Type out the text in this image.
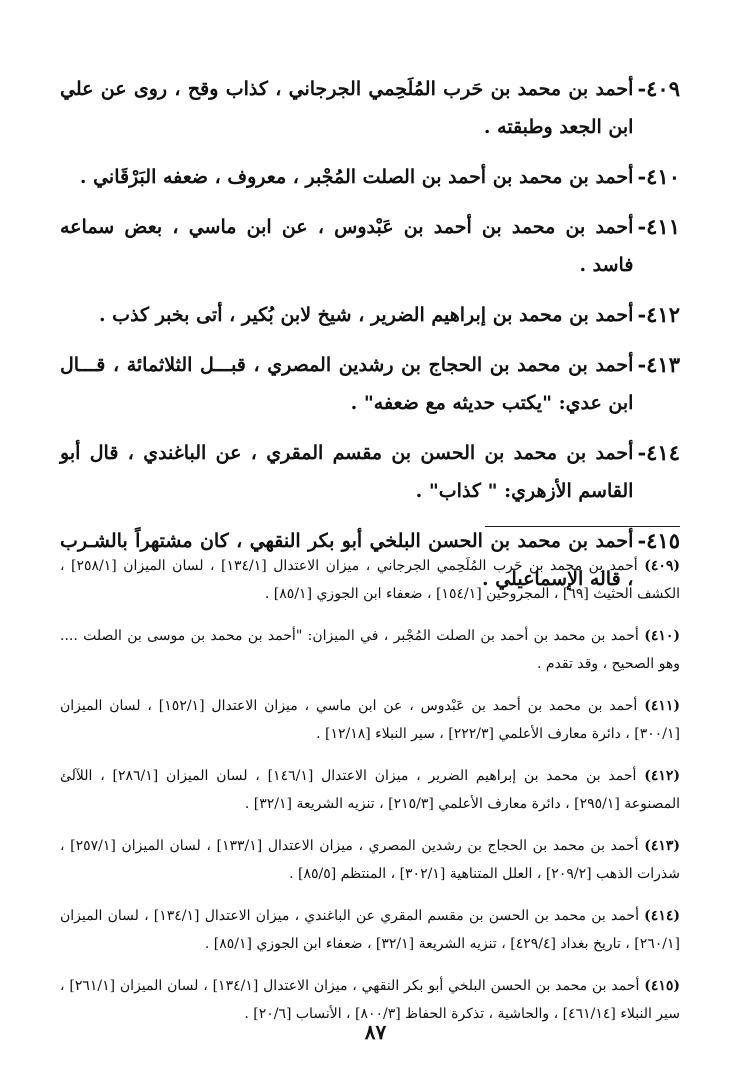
٤٠٩-
أحمد بن محمد بن حَرب المُلَحِمي الجرجاني ، كذاب وقح ، روى عن علي ابن الجعد وطبقته .
٤١٠-
أحمد بن محمد بن أحمد بن الصلت المُجْبر ، معروف ، ضعفه البَرْقَاني .
٤١١-
أحمد بن محمد بن أحمد بن عَبْدوس ، عن ابن ماسي ، بعض سماعه فاسد .
٤١٢-
أحمد بن محمد بن إبراهيم الضرير ، شيخ لابن بُكير ، أتى بخبر كذب .
٤١٣-
أحمد بن محمد بن الحجاج بن رشدين المصري ، قبـــل الثلاثمائة ، قـــال ابن عدي: "يكتب حديثه مع ضعفه" .
٤١٤-
أحمد بن محمد بن الحسن بن مقسم المقري ، عن الباغندي ، قال أبو القاسم الأزهري: " كذاب" .
٤١٥-
أحمد بن محمد بن الحسن البلخي أبو بكر النقهي ، كان مشتهراً بالشـرب ، قاله الإسماعيلي .

(٤٠٩) أحمد بن محمد بن حَرب المُلَحِمي الجرجاني ، ميزان الاعتدال [١٣٤/١] ، لسان الميزان [٢٥٨/١] ، الكشف الحثيث [٦٩] ، المجروحين [١٥٤/١] ، ضعفاء ابن الجوزي [٨٥/١] .

(٤١٠) أحمد بن محمد بن أحمد بن الصلت المُجْبر ، في الميزان: "أحمد بن محمد بن موسى بن الصلت .... وهو الصحيح ، وقد تقدم .

(٤١١) أحمد بن محمد بن أحمد بن عَبْدوس ، عن ابن ماسي ، ميزان الاعتدال [١٥٢/١] ، لسان الميزان [٣٠٠/١] ، دائرة معارف الأعلمي [٢٢٢/٣] ، سير النبلاء [١٢/١٨] .

(٤١٢) أحمد بن محمد بن إبراهيم الضرير ، ميزان الاعتدال [١٤٦/١] ، لسان الميزان [٢٨٦/١] ، اللآلئ المصنوعة [٢٩٥/١] ، دائرة معارف الأعلمي [٢١٥/٣] ، تنزيه الشريعة [٣٢/١] .

(٤١٣) أحمد بن محمد بن الحجاج بن رشدين المصري ، ميزان الاعتدال [١٣٣/١] ، لسان الميزان [٢٥٧/١] ، شذرات الذهب [٢٠٩/٢] ، العلل المتناهية [٣٠٢/١] ، المنتظم [٨٥/٥] .

(٤١٤) أحمد بن محمد بن الحسن بن مقسم المقري عن الباغندي ، ميزان الاعتدال [١٣٤/١] ، لسان الميزان [٢٦٠/١] ، تاريخ بغداد [٤٢٩/٤] ، تنزيه الشريعة [٣٢/١] ، ضعفاء ابن الجوزي [٨٥/١] .

(٤١٥) أحمد بن محمد بن الحسن البلخي أبو بكر النقهي ، ميزان الاعتدال [١٣٤/١] ، لسان الميزان [٢٦١/١] ، سير النبلاء [٤٦١/١٤] ، والحاشية ، تذكرة الحفاظ [٨٠٠/٣] ، الأنساب [٢٠/٦] .

٨٧
